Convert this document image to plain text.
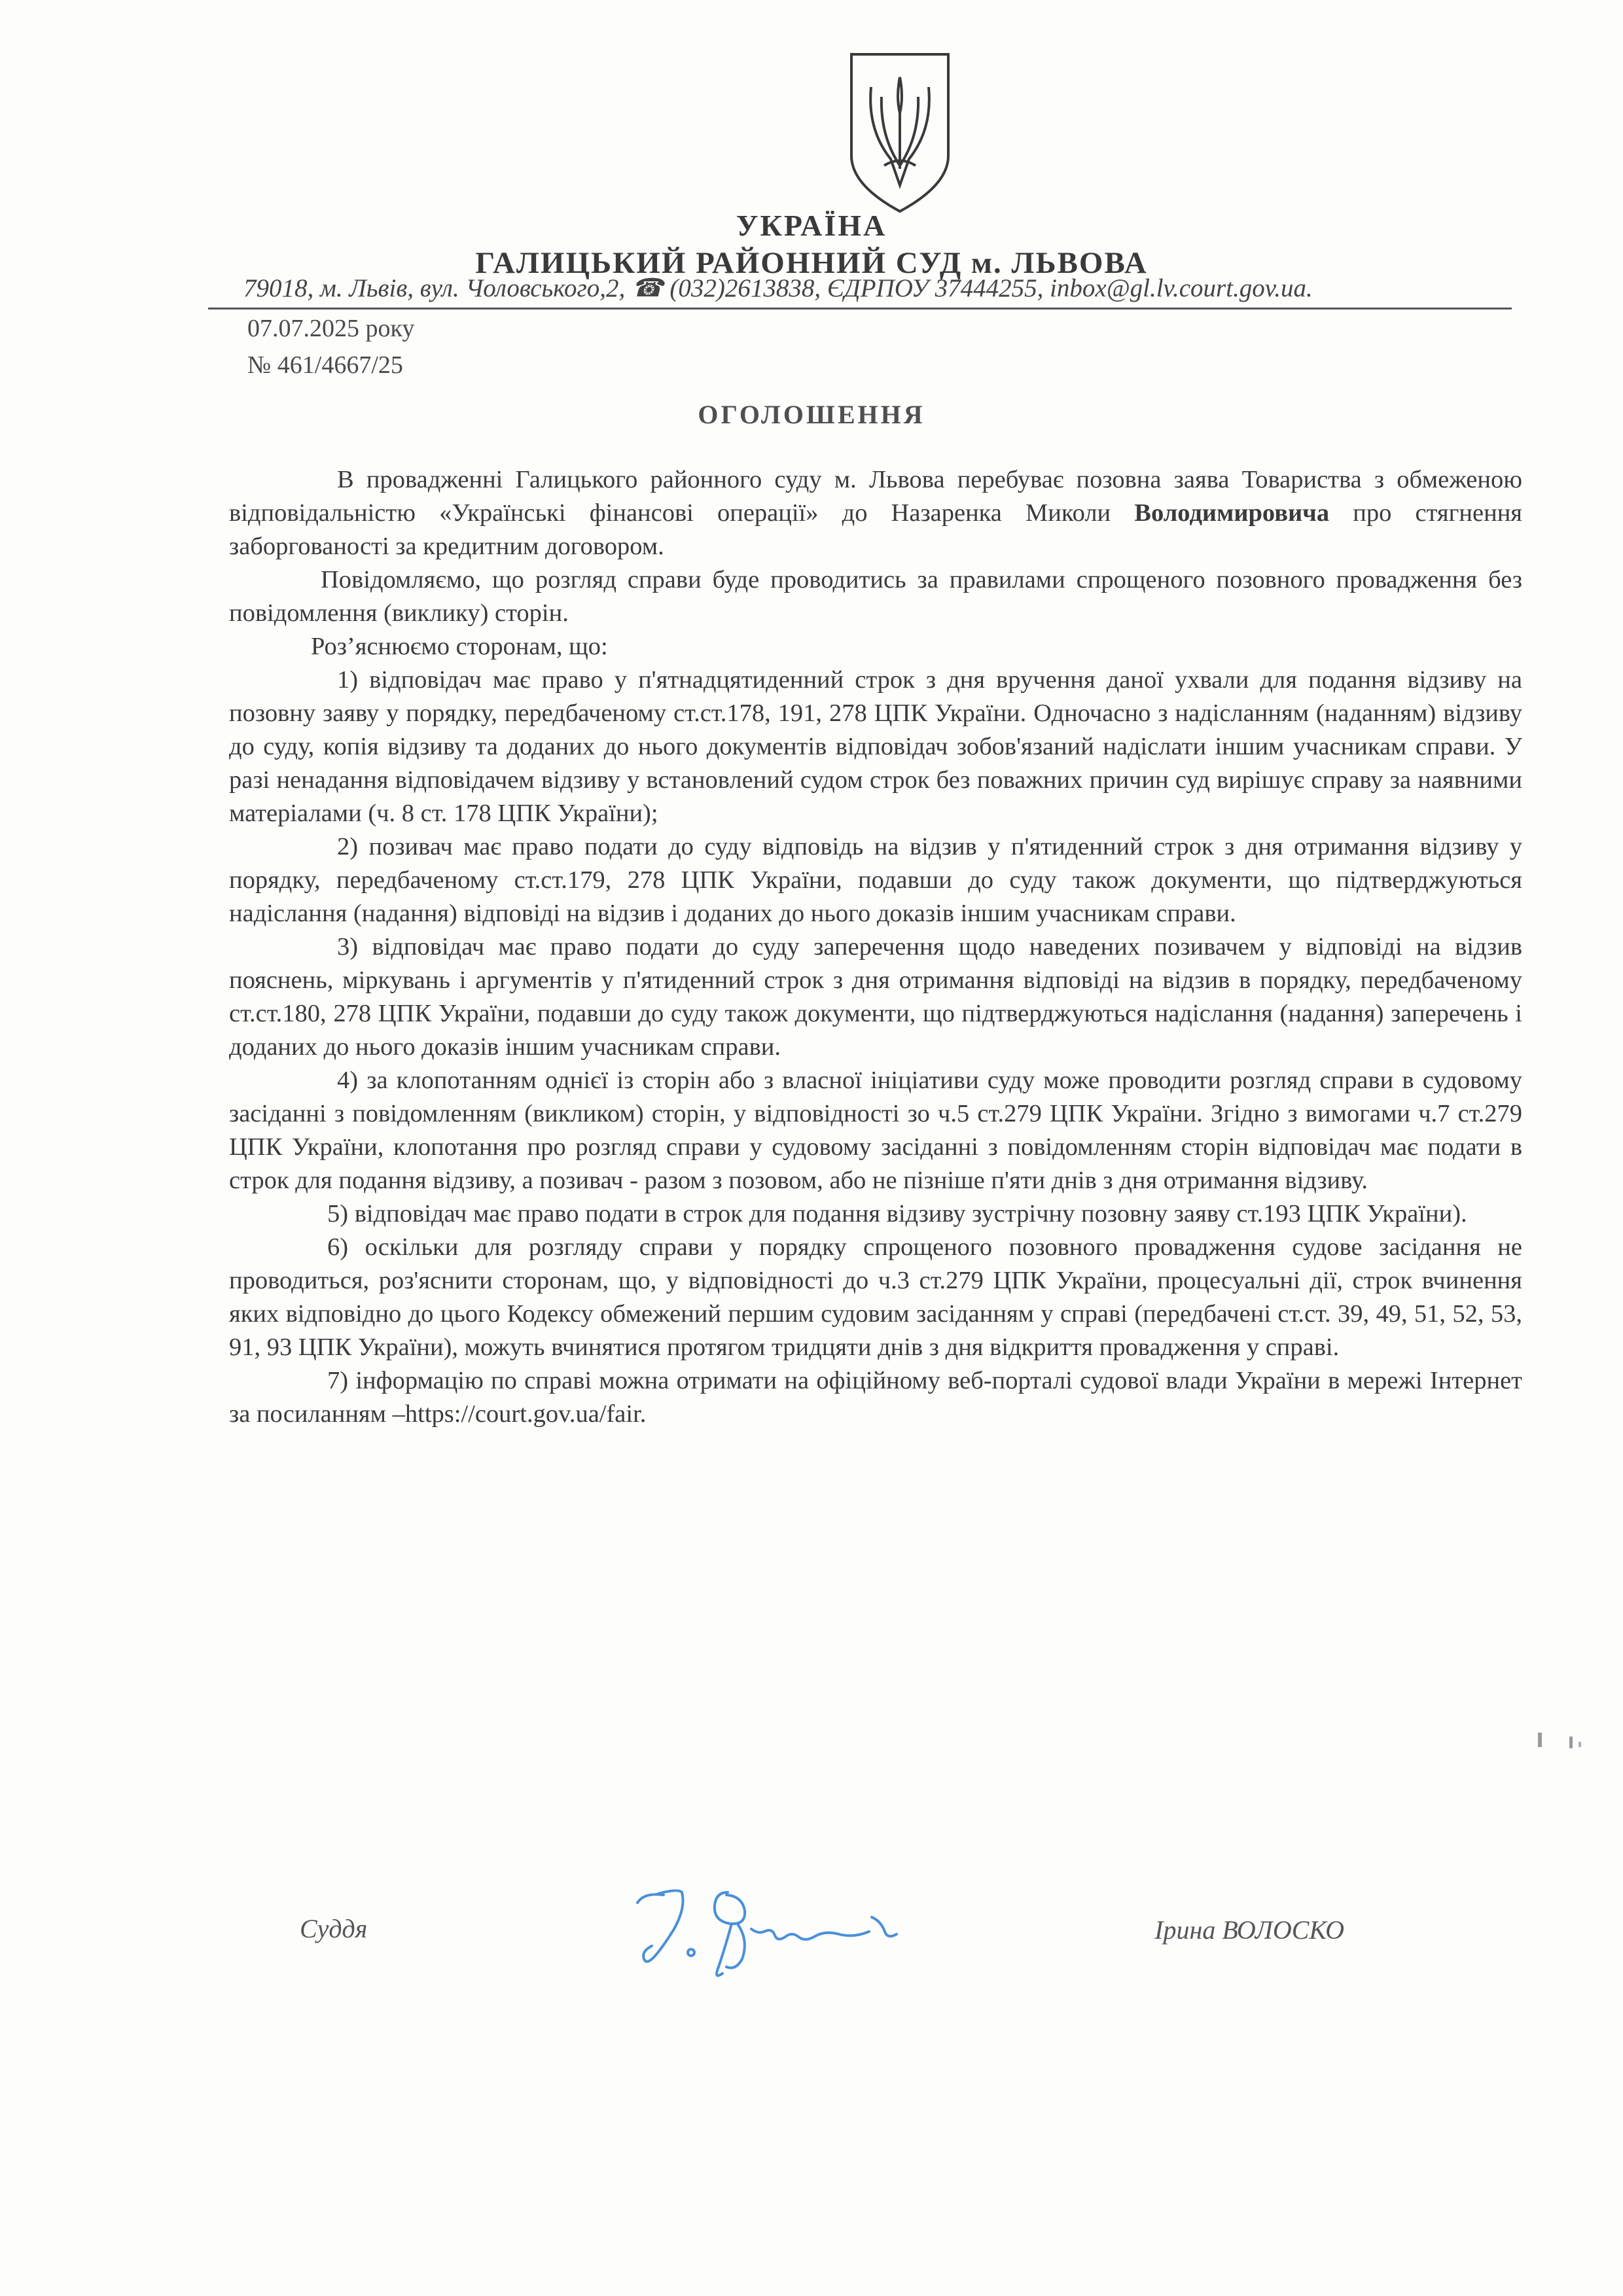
УКРАЇНА
ГАЛИЦЬКИЙ РАЙОННИЙ СУД м. ЛЬВОВА
79018, м. Львів, вул. Чоловського,2, ☎ (032)2613838, ЄДРПОУ 37444255, inbox@gl.lv.court.gov.ua.
07.07.2025 року
№ 461/4667/25
ОГОЛОШЕННЯ

В провадженні Галицького районного суду м. Львова перебуває позовна заява Товариства з обмеженою відповідальністю «Українські фінансові операції» до Назаренка Миколи Володимировича про стягнення заборгованості за кредитним договором.

Повідомляємо, що розгляд справи буде проводитись за правилами спрощеного позовного провадження без повідомлення (виклику) сторін.

Роз’яснюємо сторонам, що:

1) відповідач має право у п'ятнадцятиденний строк з дня вручення даної ухвали для подання відзиву на позовну заяву у порядку, передбаченому ст.ст.178, 191, 278 ЦПК України. Одночасно з надісланням (наданням) відзиву до суду, копія відзиву та доданих до нього документів відповідач зобов'язаний надіслати іншим учасникам справи. У разі ненадання відповідачем відзиву у встановлений судом строк без поважних причин суд вирішує справу за наявними матеріалами (ч. 8 ст. 178 ЦПК України);

2) позивач має право подати до суду відповідь на відзив у п'ятиденний строк з дня отримання відзиву у порядку, передбаченому ст.ст.179, 278 ЦПК України, подавши до суду також документи, що підтверджуються надіслання (надання) відповіді на відзив і доданих до нього доказів іншим учасникам справи.

3) відповідач має право подати до суду заперечення щодо наведених позивачем у відповіді на відзив пояснень, міркувань і аргументів у п'ятиденний строк з дня отримання відповіді на відзив в порядку, передбаченому ст.ст.180, 278 ЦПК України, подавши до суду також документи, що підтверджуються надіслання (надання) заперечень і доданих до нього доказів іншим учасникам справи.

4) за клопотанням однієї із сторін або з власної ініціативи суду може проводити розгляд справи в судовому засіданні з повідомленням (викликом) сторін, у відповідності зо ч.5 ст.279 ЦПК України. Згідно з вимогами ч.7 ст.279 ЦПК України, клопотання про розгляд справи у судовому засіданні з повідомленням сторін відповідач має подати в строк для подання відзиву, а позивач - разом з позовом, або не пізніше п'яти днів з дня отримання відзиву.

5) відповідач має право подати в строк для подання відзиву зустрічну позовну заяву ст.193 ЦПК України).

6) оскільки для розгляду справи у порядку спрощеного позовного провадження судове засідання не проводиться, роз'яснити сторонам, що, у відповідності до ч.3 ст.279 ЦПК України, процесуальні дії, строк вчинення яких відповідно до цього Кодексу обмежений першим судовим засіданням у справі (передбачені ст.ст. 39, 49, 51, 52, 53, 91, 93 ЦПК України), можуть вчинятися протягом тридцяти днів з дня відкриття провадження у справі.

7) інформацію по справі можна отримати на офіційному веб-порталі судової влади України в мережі Інтернет за посиланням –https://court.gov.ua/fair.

Суддя	Ірина ВОЛОСКО
